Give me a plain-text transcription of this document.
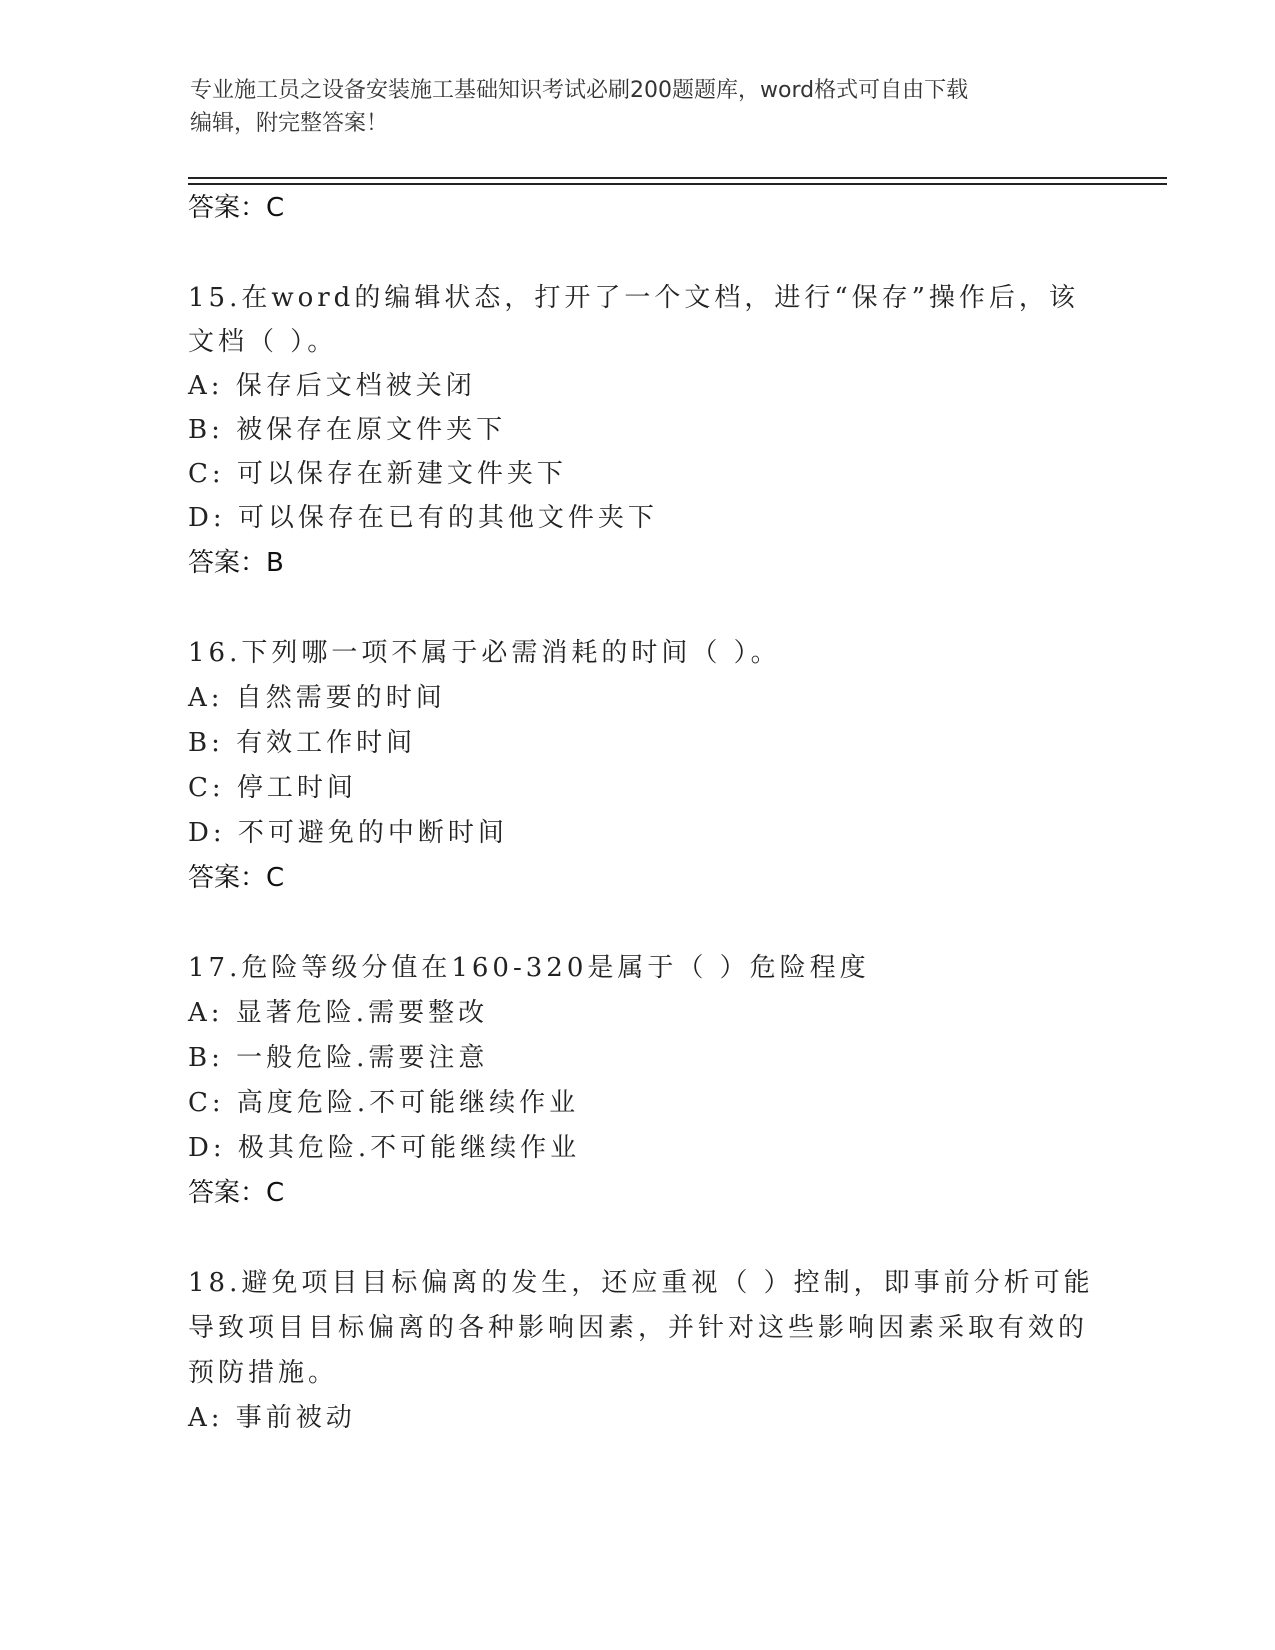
专业施工员之设备安装施工基础知识考试必刷200题题库，word格式可自由下载
编辑，附完整答案！
答案：C
15.在word的编辑状态，打开了一个文档，进行“保存”操作后，该
文档（ ）。
A: 保存后文档被关闭
B: 被保存在原文件夹下
C: 可以保存在新建文件夹下
D: 可以保存在已有的其他文件夹下
答案：B
16.下列哪一项不属于必需消耗的时间（ ）。
A: 自然需要的时间
B: 有效工作时间
C: 停工时间
D: 不可避免的中断时间
答案：C
17.危险等级分值在160-320是属于（ ）危险程度
A: 显著危险.需要整改
B: 一般危险.需要注意
C: 高度危险.不可能继续作业
D: 极其危险.不可能继续作业
答案：C
18.避免项目目标偏离的发生，还应重视（ ）控制，即事前分析可能
导致项目目标偏离的各种影响因素，并针对这些影响因素采取有效的
预防措施。
A: 事前被动
